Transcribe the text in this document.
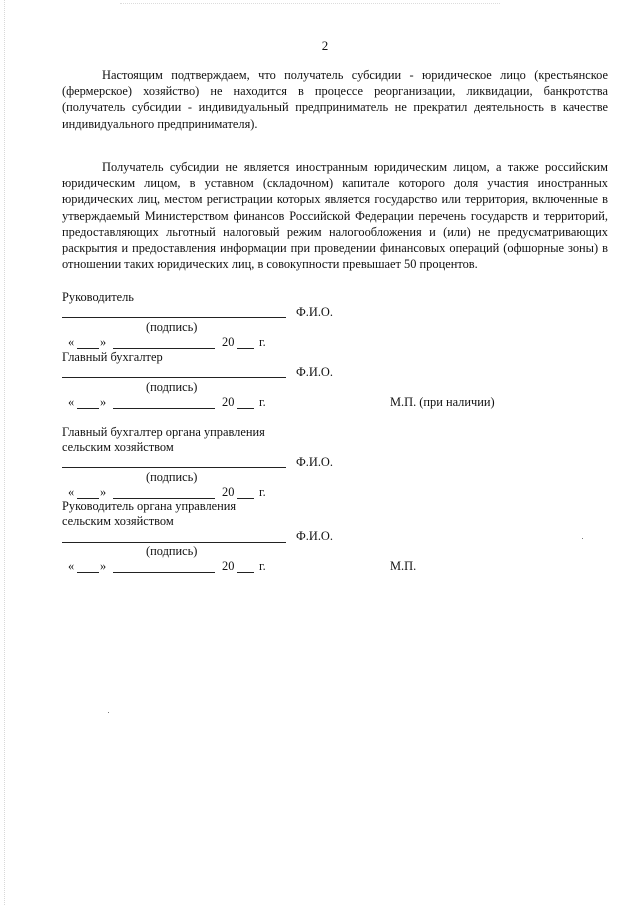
2

Настоящим подтверждаем, что получатель субсидии - юридическое лицо (крестьянское (фермерское) хозяйство) не находится в процессе реорганизации, ликвидации, банкротства (получатель субсидии - индивидуальный предприниматель не прекратил деятельность в качестве индивидуального предпринимателя).

Получатель субсидии не является иностранным юридическим лицом, а также российским юридическим лицом, в уставном (складочном) капитале которого доля участия иностранных юридических лиц, местом регистрации которых является государство или территория, включенные в утверждаемый Министерством финансов Российской Федерации перечень государств и территорий, предоставляющих льготный налоговый режим налогообложения и (или) не предусматривающих раскрытия и предоставления информации при проведении финансовых операций (офшорные зоны) в отношении таких юридических лиц, в совокупности превышает 50 процентов.

Руководитель
Ф.И.О.
(подпись)
« »	20 г.
Главный бухгалтер
Ф.И.О.
(подпись)
« »	20 г.	М.П. (при наличии)
Главный бухгалтер органа управления
сельским хозяйством
Ф.И.О.
(подпись)
« »	20 г.
Руководитель органа управления
сельским хозяйством
Ф.И.О.
(подпись)
« »	20 г.	М.П.
